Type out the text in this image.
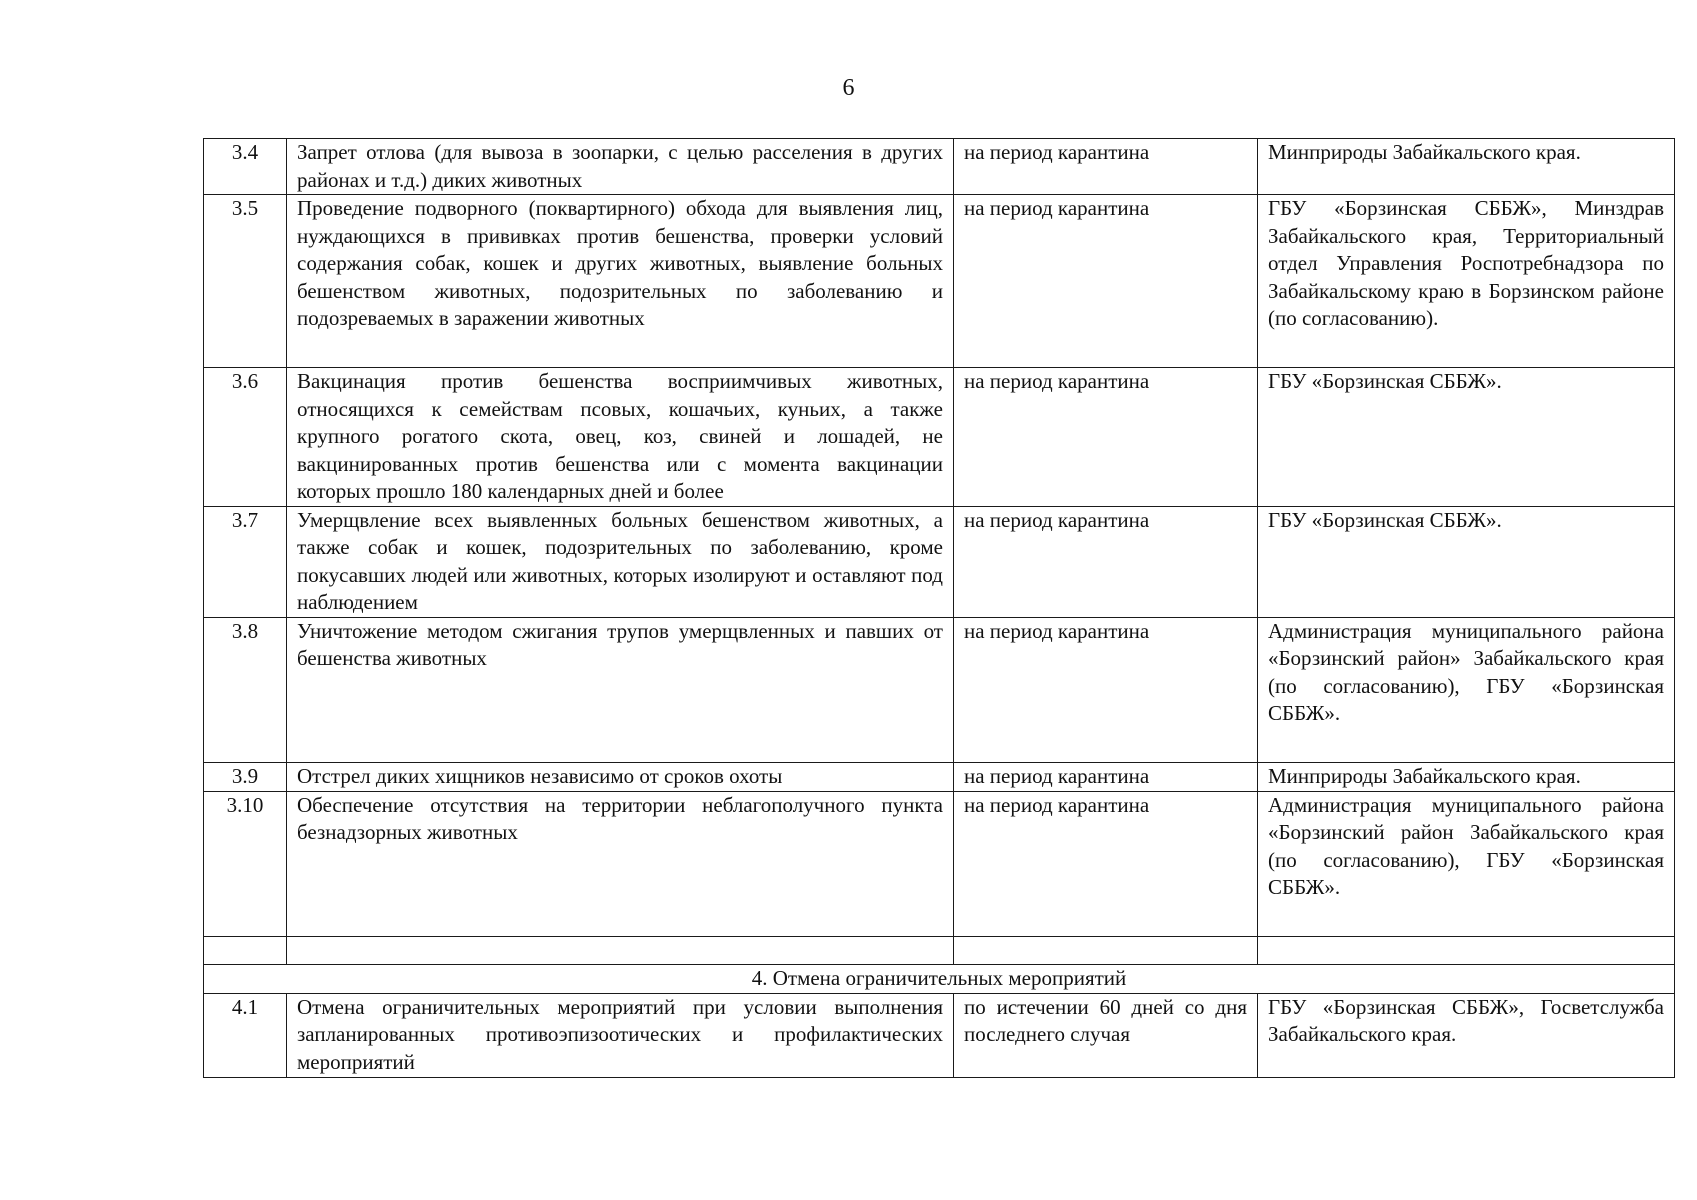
6
3.4	Запрет отлова (для вывоза в зоопарки, с целью расселения в других районах и т.д.) диких животных	на период карантина	Минприроды Забайкальского края.
3.5	Проведение подворного (поквартирного) обхода для выявления лиц, нуждающихся в прививках против бешенства, проверки условий содержания собак, кошек и других животных, выявление больных бешенством животных, подозрительных по заболеванию и подозреваемых в заражении животных	на период карантина	ГБУ «Борзинская СББЖ», Минздрав Забайкальского края, Территориальный отдел Управления Роспотребнадзора по Забайкальскому краю в Борзинском районе (по согласованию).
3.6	Вакцинация против бешенства восприимчивых животных, относящихся к семействам псовых, кошачьих, куньих, а также крупного рогатого скота, овец, коз, свиней и лошадей, не вакцинированных против бешенства или с момента вакцинации которых прошло 180 календарных дней и более	на период карантина	ГБУ «Борзинская СББЖ».
3.7	Умерщвление всех выявленных больных бешенством животных, а также собак и кошек, подозрительных по заболеванию, кроме покусавших людей или животных, которых изолируют и оставляют под наблюдением	на период карантина	ГБУ «Борзинская СББЖ».
3.8	Уничтожение методом сжигания трупов умерщвленных и павших от бешенства животных	на период карантина	Администрация муниципального района «Борзинский район» Забайкальского края (по согласованию), ГБУ «Борзинская СББЖ».
3.9	Отстрел диких хищников независимо от сроков охоты	на период карантина	Минприроды Забайкальского края.
3.10	Обеспечение отсутствия на территории неблагополучного пункта безнадзорных животных	на период карантина	Администрация муниципального района «Борзинский район Забайкальского края (по согласованию), ГБУ «Борзинская СББЖ».

4. Отмена ограничительных мероприятий			
4.1	Отмена ограничительных мероприятий при условии выполнения запланированных противоэпизоотических и профилактических мероприятий	по истечении 60 дней со дня последнего случая	ГБУ «Борзинская СББЖ», Госветслужба Забайкальского края.
